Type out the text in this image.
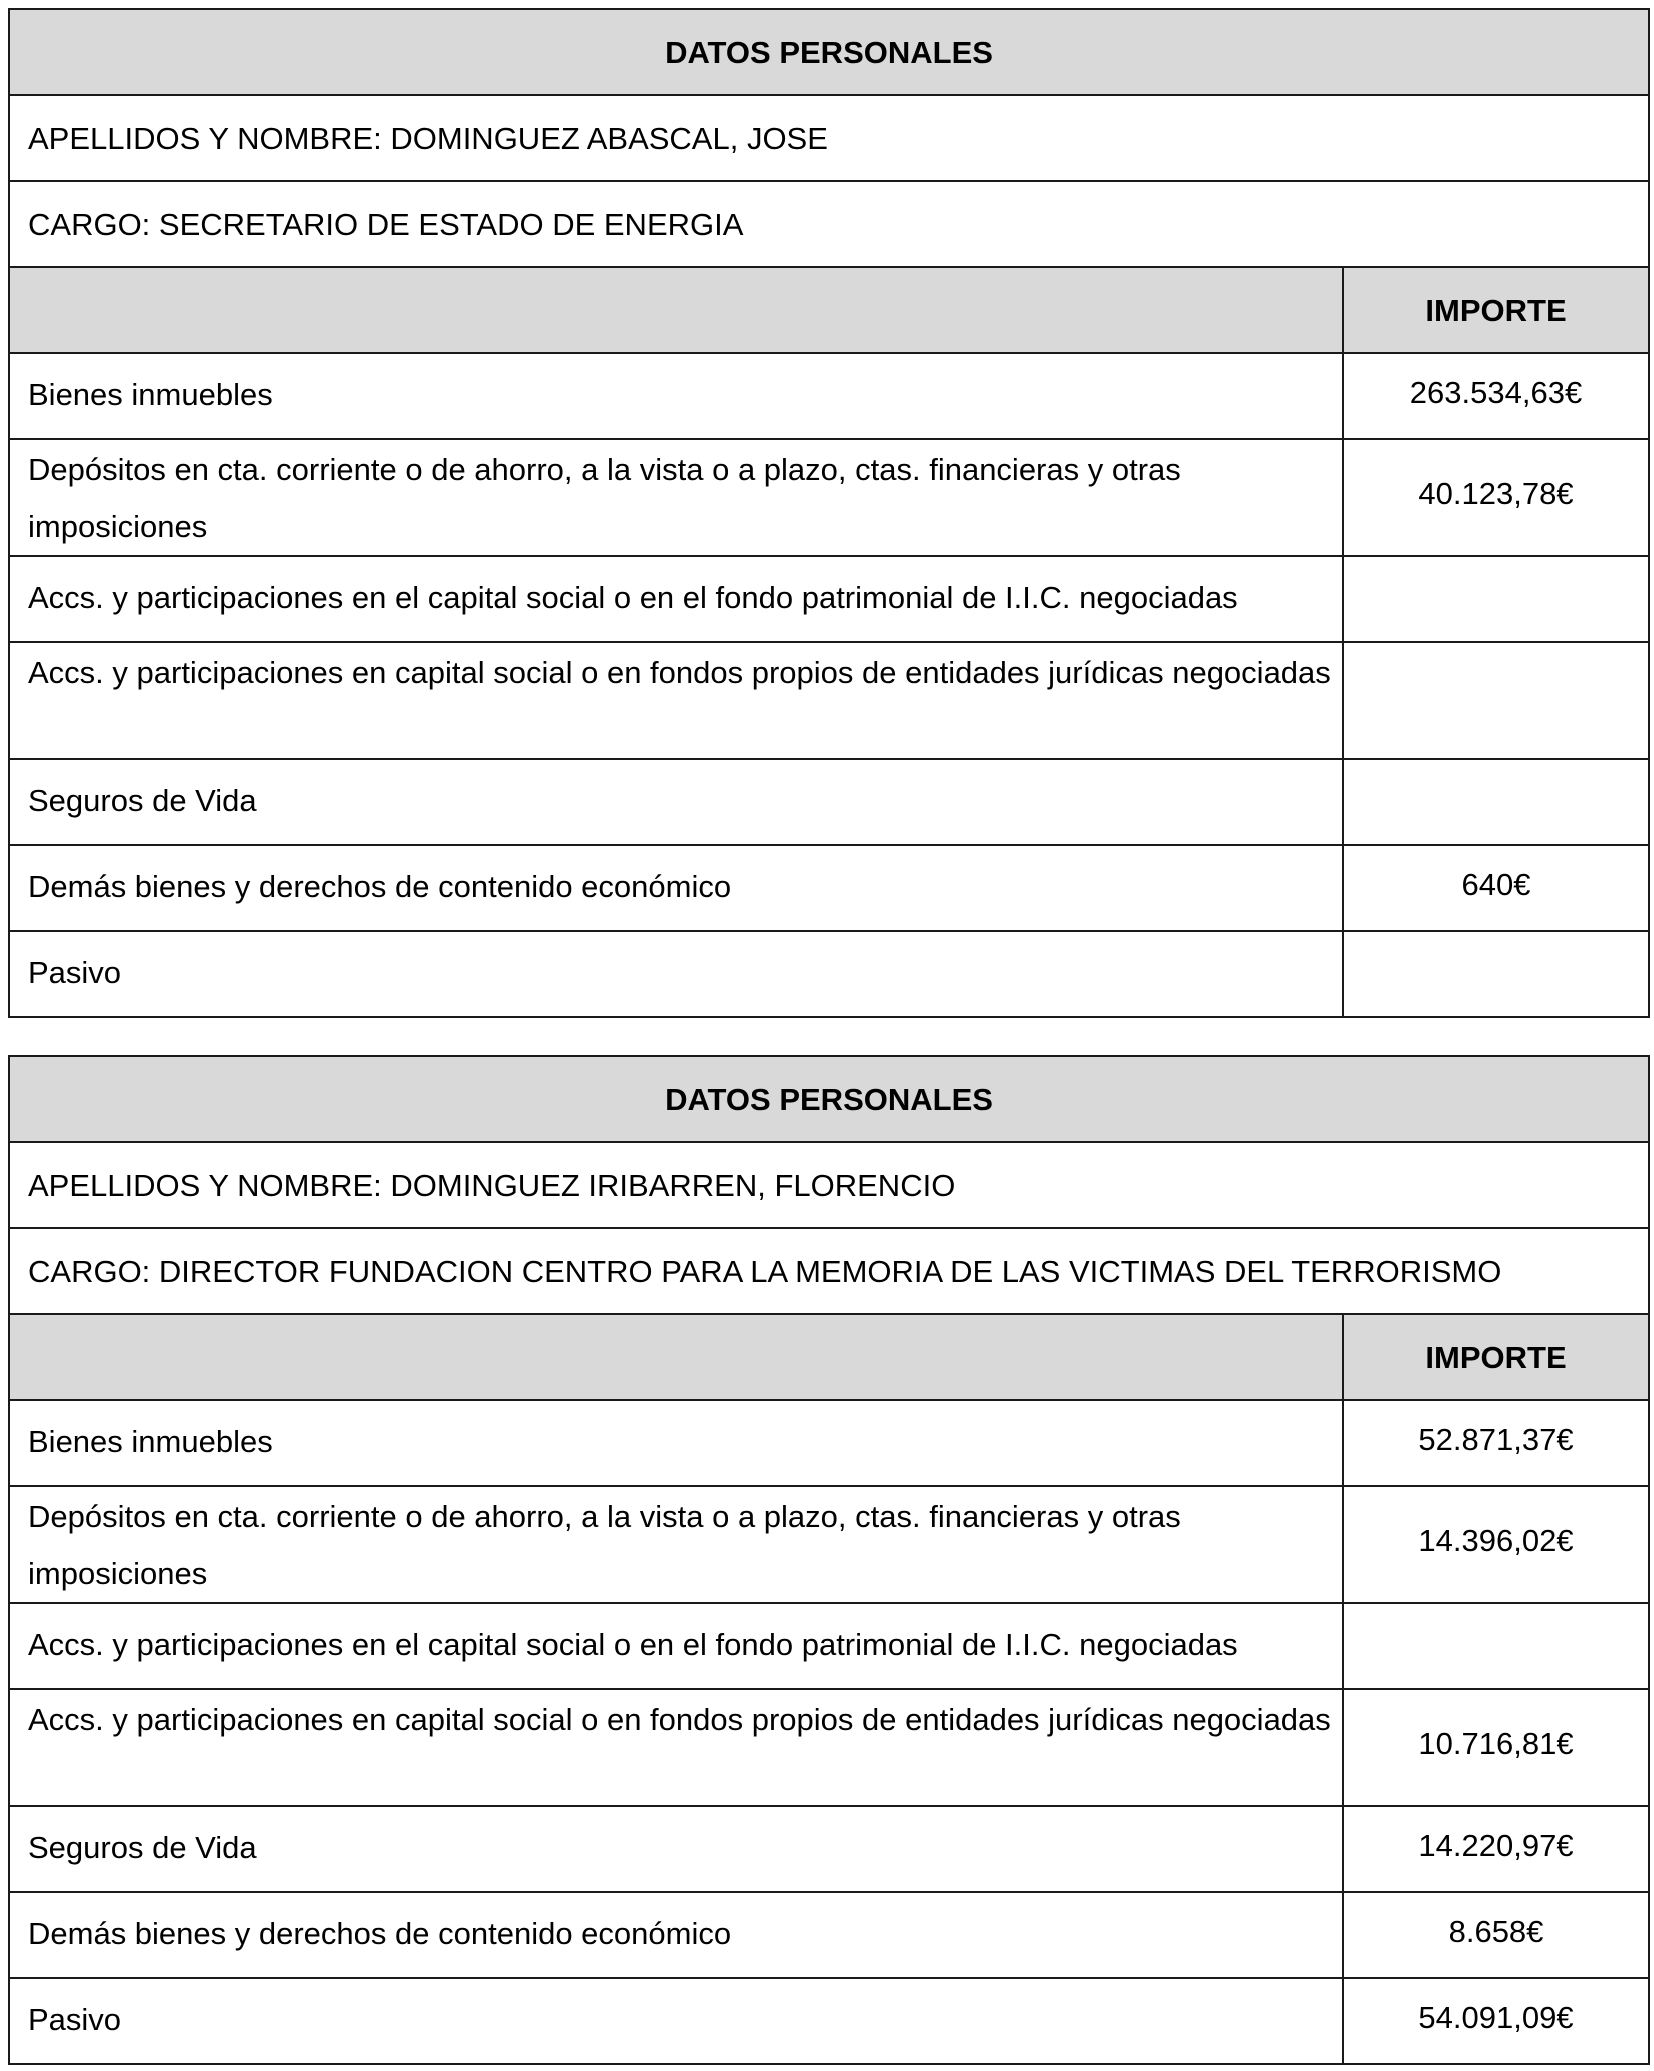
DATOS PERSONALES	
APELLIDOS Y NOMBRE: DOMINGUEZ ABASCAL, JOSE	
CARGO: SECRETARIO DE ESTADO DE ENERGIA	
	IMPORTE
Bienes inmuebles	263.534,63€
Depósitos en cta. corriente o de ahorro, a la vista o a plazo, ctas. financieras y otras imposiciones	40.123,78€
Accs. y participaciones en el capital social o en el fondo patrimonial de I.I.C. negociadas	
Accs. y participaciones en capital social o en fondos propios de entidades jurídicas negociadas	
Seguros de Vida	
Demás bienes y derechos de contenido económico	640€
Pasivo	
DATOS PERSONALES	
APELLIDOS Y NOMBRE: DOMINGUEZ IRIBARREN, FLORENCIO	
CARGO: DIRECTOR FUNDACION CENTRO PARA LA MEMORIA DE LAS VICTIMAS DEL TERRORISMO	
	IMPORTE
Bienes inmuebles	52.871,37€
Depósitos en cta. corriente o de ahorro, a la vista o a plazo, ctas. financieras y otras imposiciones	14.396,02€
Accs. y participaciones en el capital social o en el fondo patrimonial de I.I.C. negociadas	
Accs. y participaciones en capital social o en fondos propios de entidades jurídicas negociadas	10.716,81€
Seguros de Vida	14.220,97€
Demás bienes y derechos de contenido económico	8.658€
Pasivo	54.091,09€
